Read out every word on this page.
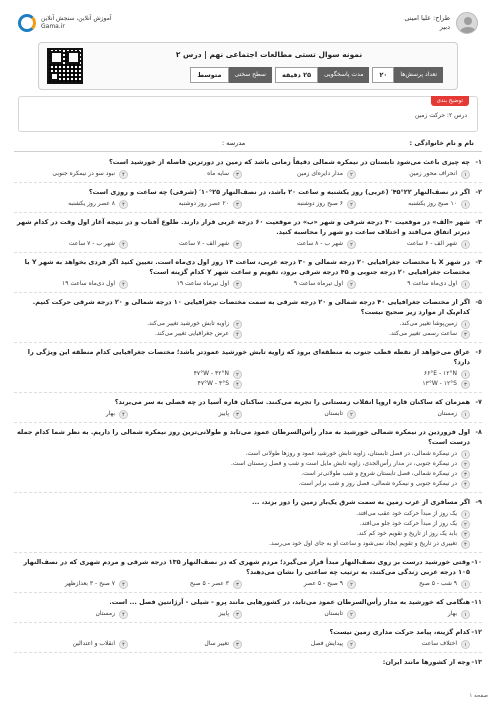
طراح: علیا امینی
دبیر
آموزش آنلاین، سنجش آنلاین
Gama.ir
نمونه سوال تستی مطالعات اجتماعی نهم | درس ۲
تعداد پرسش‌ها
۲۰
مدت پاسخگویی
۲۵ دقیقه
سطح سختی
متوسط
توضیح بندی
درس ۲: حرکت زمین
نام و نام خانوادگی :
مدرسه :
۱-
چه چیزی باعث می‌شود تابستان در نیمکره شمالی دقیقاً زمانی باشد که زمین در دورترین فاصله از خورشید است؟
۱
انحراف محور زمین
۲
مدار دایره‌ای زمین
۳
سایه ماه
۴
نبود سو در نیمکره جنوبی
۲-
اگر در نصف‌النهار ۲۲°۴۵′ (غربی) روز یکشنبه و ساعت ۲۰ باشد، در نصف‌النهار ۲۵°۱۰′ (شرقی) چه ساعت و روزی است؟
۱
۱۰ صبح روز یکشنبه
۲
۶ صبح روز دوشنبه
۳
۲۰ عصر روز دوشنبه
۴
۸ عصر روز یکشنبه
۳-
شهر «الف» در موقعیت ۴۰ درجه شرقی و شهر «ب» در موقعیت ۶۰ درجه غربی قرار دارند. طلوع آفتاب و در نتیجه آغاز اول وقت در کدام شهر دیرتر اتفاق می‌افتد و اختلاف ساعت دو شهر را محاسبه کنید.
۱
شهر الف - ۶ ساعت
۲
شهر ب - ۸ ساعت
۳
شهر الف - ۷ ساعت
۴
شهر ب - ۷ ساعت
۴-
در شهر X با مختصات جغرافیایی ۲۰ درجه شمالی و ۳۰ درجه غربی، ساعت ۱۴ روز اول دی‌ماه است. تعیین کنید اگر فردی بخواهد به شهر Y با مختصات جغرافیایی ۲۰ درجه جنوبی و ۴۵ درجه شرقی برود، تقویم و ساعت شهر Y کدام گزینه است؟
۱
اول دی‌ماه ساعت ۹
۲
اول تیرماه ساعت ۹
۳
اول تیرماه ساعت ۱۹
۴
اول دی‌ماه ساعت ۱۹
۵-
اگر از مختصات جغرافیایی ۴۰ درجه شمالی و ۲۰ درجه شرقی به سمت مختصات جغرافیایی ۱۰ درجه شمالی و ۲۰ درجه شرقی حرکت کنیم. کدام‌یک از موارد زیر صحیح نیست؟
۱
زمین‌پوشا تغییر می‌کند.
۲
زاویه تابش خورشید تغییر می‌کند.
۳
ساعت رسمی تغییر می‌کند.
۴
عرض جغرافیایی تغییر می‌کند.
۶-
عراق می‌خواهد از نقطه قطب جنوب به منطقه‌ای برود که زاویه تابش خورشید عمودتر باشد؛ مختصات جغرافیایی کدام منطقه این ویژگی را دارد؟
۱
۶۶°E - ۱۲°N
۲
۴۷°W - ۴۲°N
۳
۱۳°W - ۱۲°S
۴
۴۷°W - ۴°S
۷-
همزمان که ساکنان قاره اروپا انقلاب زمستانی را تجربه می‌کنند. ساکنان قاره آسیا در چه فصلی به سر می‌برند؟
۱
زمستان
۲
تابستان
۳
پاییز
۴
بهار
۸-
اول فروردین در نیمکره شمالی خورشید به مدار رأس‌السرطان عمود می‌تابد و طولانی‌ترین روز نیمکره شمالی را داریم. به نظر شما کدام جمله درست است؟
۱
در نیمکره شمالی، در فصل تابستان، زاویه تابش خورشید عمود و روزها طولانی است.
۲
در نیمکره جنوبی، در مدار رأس‌الجدی، زاویه تابش مایل است و شب و فصل زمستان است.
۳
در نیمکره شمالی، فصل تابستان شروع و شب طولانی‌تر است.
۴
در نیمکره جنوبی و نیمکره شمالی، فصل روز و شب برابر است.
۹-
اگر مسافری از غرب زمین به سمت شرق یک‌بار زمین را دور بزند، ...
۱
یک روز از مبدأ حرکت خود عقب می‌افتد.
۲
یک روز از مبدأ حرکت خود جلو می‌افتد.
۳
بابد یک روز از تاریخ و تقویم خود کم کند.
۴
تغییری در تاریخ و تقویم ایجاد نمی‌شود و ساعت او به جای اول خود می‌رسد.
۱۰-
وقتی خورشید درست بر روی نصف‌النهار مبدأ قرار می‌گیرد؛ مردم شهری که در نصف‌النهار ۱۳۵ درجه شرقی و مردم شهری که در نصف‌النهار ۱۰۵ درجه غربی زندگی می‌کنند، به ترتیب چه ساعتی را نشان می‌دهند؟
۱
۹ شب - ۵ صبح
۲
۹ صبح - ۵ عصر
۳
۳ عصر - ۵ صبح
۴
۷ صبح - ۳ بعدازظهر
۱۱-
هنگامی که خورشید به مدار رأس‌السرطان عمود می‌تابد، در کشورهایی مانند پرو - شیلی - آرژانتین فصل ... است.
۱
بهار
۲
تابستان
۳
پاییز
۴
زمستان
۱۲-
کدام گزینه، پیامد حرکت مداری زمین نیست؟
۱
اختلاف ساعت
۲
پیدایش فصل
۳
تغییر سال
۴
انقلاب و اعتدالین
۱۳-
وجه از کشورها مانند ایران:
صفحه ۱
